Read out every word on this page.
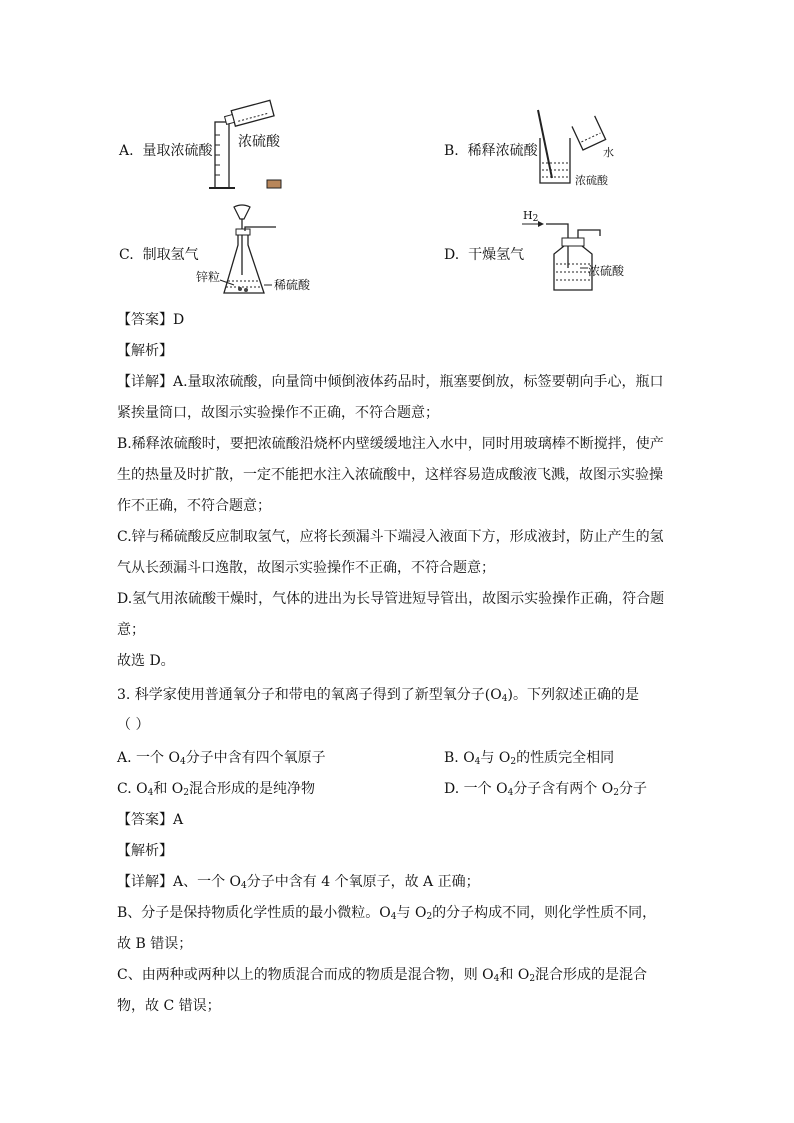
A. 量取浓硫酸
浓硫酸
B. 稀释浓硫酸	水
浓硫酸
C. 制取氢气
锌粒
稀硫酸
D. 干燥氢气
$H_2$
浓硫酸
【答案】D
【解析】
【详解】A.量取浓硫酸，向量筒中倾倒液体药品时，瓶塞要倒放，标签要朝向手心，瓶口
紧挨量筒口，故图示实验操作不正确，不符合题意；
B.稀释浓硫酸时，要把浓硫酸沿烧杯内壁缓缓地注入水中，同时用玻璃棒不断搅拌，使产
生的热量及时扩散，一定不能把水注入浓硫酸中，这样容易造成酸液飞溅，故图示实验操
作不正确，不符合题意；
C.锌与稀硫酸反应制取氢气，应将长颈漏斗下端浸入液面下方，形成液封，防止产生的氢
气从长颈漏斗口逸散，故图示实验操作不正确，不符合题意；
D.氢气用浓硫酸干燥时，气体的进出为长导管进短导管出，故图示实验操作正确，符合题
意；
故选 D。
3. 科学家使用普通氧分子和带电的氧离子得到了新型氧分子$(O_4)$。下列叙述正确的是
（ ）
A. 一个 $O_4$分子中含有四个氧原子	B. $O_4$与 $O_2$的性质完全相同
C. $O_4$和 $O_2$混合形成的是纯净物	D. 一个 $O_4$分子含有两个 $O_2$分子
【答案】A
【解析】
【详解】A、一个 $O_4$分子中含有 4 个氧原子，故 A 正确；
B、分子是保持物质化学性质的最小微粒。$O_4$与 $O_2$的分子构成不同，则化学性质不同，
故 B 错误；
C、由两种或两种以上的物质混合而成的物质是混合物，则 $O_4$和 $O_2$混合形成的是混合
物，故 C 错误；
